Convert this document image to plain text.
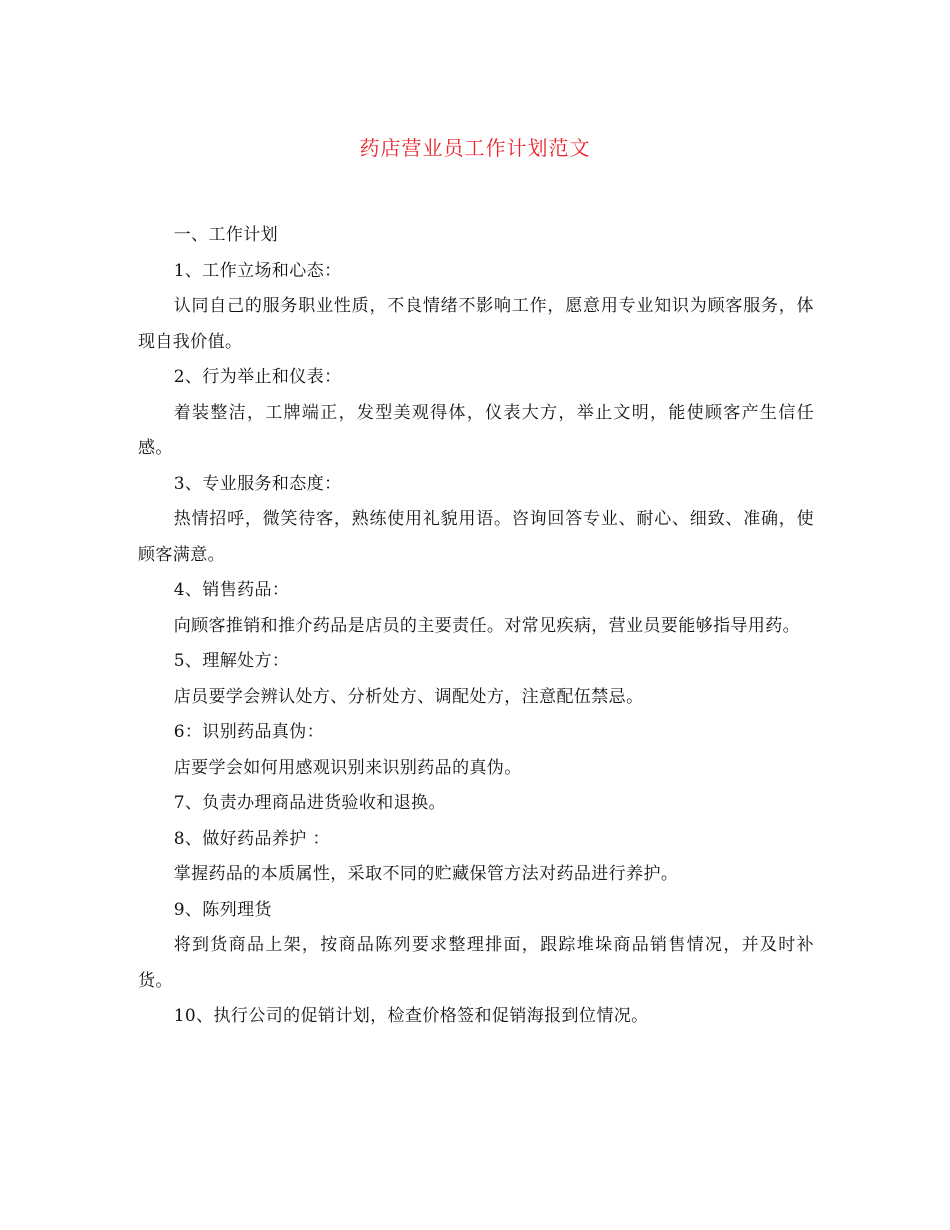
药店营业员工作计划范文

一、工作计划

1、工作立场和心态：

认同自己的服务职业性质，不良情绪不影响工作，愿意用专业知识为顾客服务，体现自我价值。

2、行为举止和仪表：

着装整洁，工牌端正，发型美观得体，仪表大方，举止文明，能使顾客产生信任感。

3、专业服务和态度：

热情招呼，微笑待客，熟练使用礼貌用语。咨询回答专业、耐心、细致、准确，使顾客满意。

4、销售药品：

向顾客推销和推介药品是店员的主要责任。对常见疾病，营业员要能够指导用药。

5、理解处方：

店员要学会辨认处方、分析处方、调配处方，注意配伍禁忌。

6：识别药品真伪：

店要学会如何用感观识别来识别药品的真伪。

7、负责办理商品进货验收和退换。

8、做好药品养护 ：

掌握药品的本质属性，采取不同的贮藏保管方法对药品进行养护。

9、陈列理货

将到货商品上架，按商品陈列要求整理排面，跟踪堆垛商品销售情况，并及时补货。

10、执行公司的促销计划，检查价格签和促销海报到位情况。
